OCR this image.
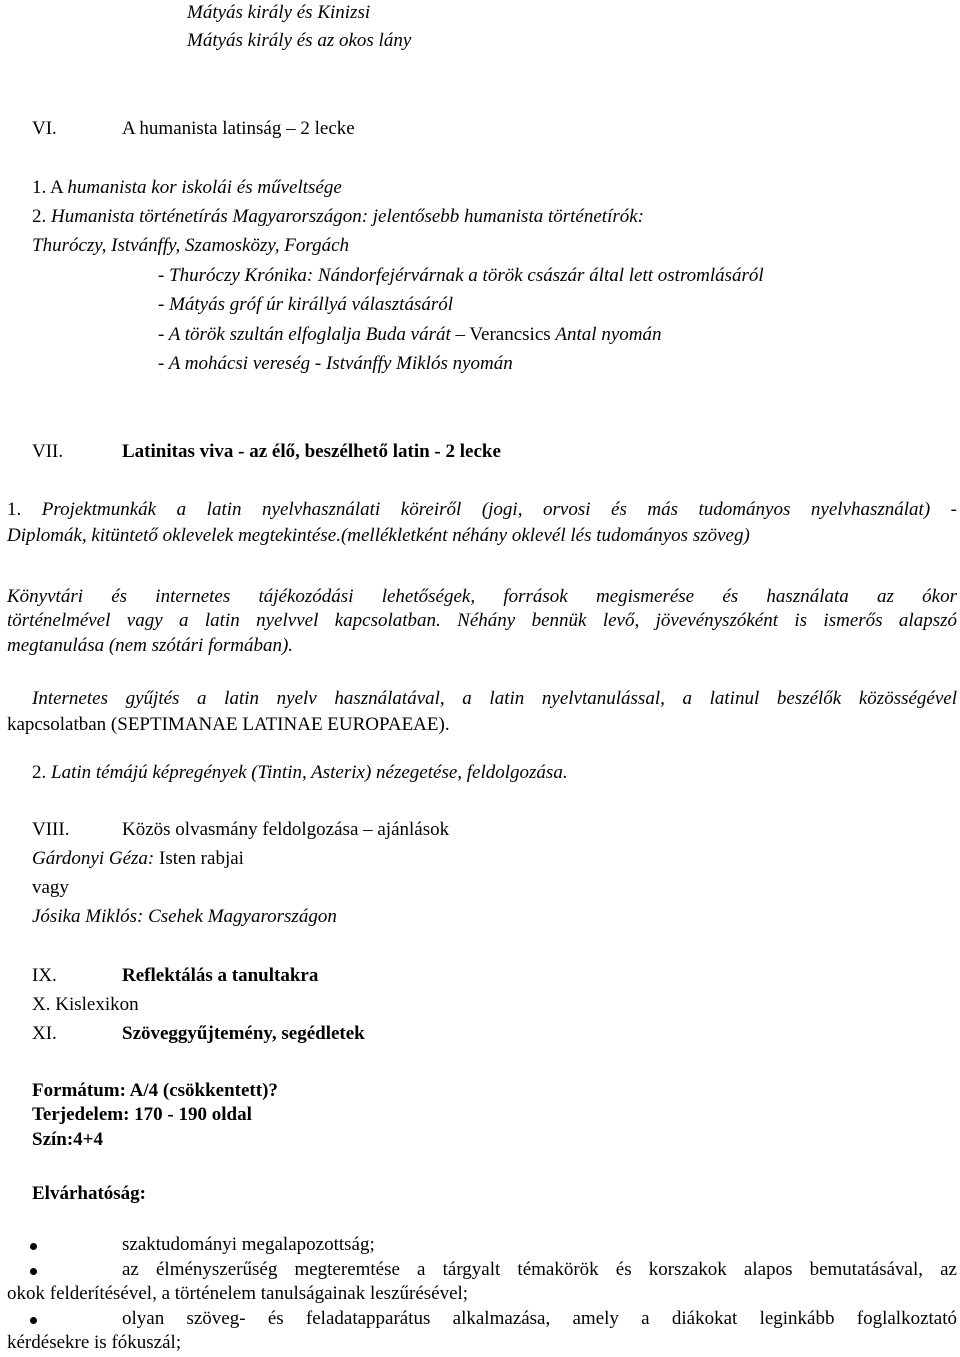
Mátyás király és Kinizsi
Mátyás király és az okos lány
VI.	A humanista latinság – 2 lecke
1. A humanista kor iskolái és műveltsége
2. Humanista történetírás Magyarországon: jelentősebb humanista történetírók:
Thuróczy, Istvánffy, Szamosközy, Forgách
- Thuróczy Krónika: Nándorfejérvárnak a török császár által lett ostromlásáról
- Mátyás gróf úr királlyá választásáról
- A török szultán elfoglalja Buda várát – Verancsics Antal nyomán
- A mohácsi vereség - Istvánffy Miklós nyomán
VII.	Latinitas viva - az élő, beszélhető latin - 2 lecke
1. Projektmunkák a latin nyelvhasználati köreiről (jogi, orvosi és más tudományos nyelvhasználat) -
Diplomák, kitüntető oklevelek megtekintése.(mellékletként néhány oklevél lés tudományos szöveg)
Könyvtári és internetes tájékozódási lehetőségek, források megismerése és használata az ókor
történelmével vagy a latin nyelvvel kapcsolatban. Néhány bennük levő, jövevényszóként is ismerős alapszó
megtanulása (nem szótári formában).
Internetes gyűjtés a latin nyelv használatával, a latin nyelvtanulással, a latinul beszélők közösségével
kapcsolatban (SEPTIMANAE LATINAE EUROPAEAE).
2. Latin témájú képregények (Tintin, Asterix) nézegetése, feldolgozása.
VIII.	Közös olvasmány feldolgozása – ajánlások
Gárdonyi Géza: Isten rabjai
vagy
Jósika Miklós: Csehek Magyarországon
IX.	Reflektálás a tanultakra
X. Kislexikon
XI.	Szöveggyűjtemény, segédletek
Formátum: A/4 (csökkentett)?
Terjedelem: 170 - 190 oldal
Szín:4+4
Elvárhatóság:
szaktudományi megalapozottság;
az élményszerűség megteremtése a tárgyalt témakörök és korszakok alapos bemutatásával, az
okok felderítésével, a történelem tanulságainak leszűrésével;
olyan szöveg- és feladatapparátus alkalmazása, amely a diákokat leginkább foglalkoztató
kérdésekre is fókuszál;
